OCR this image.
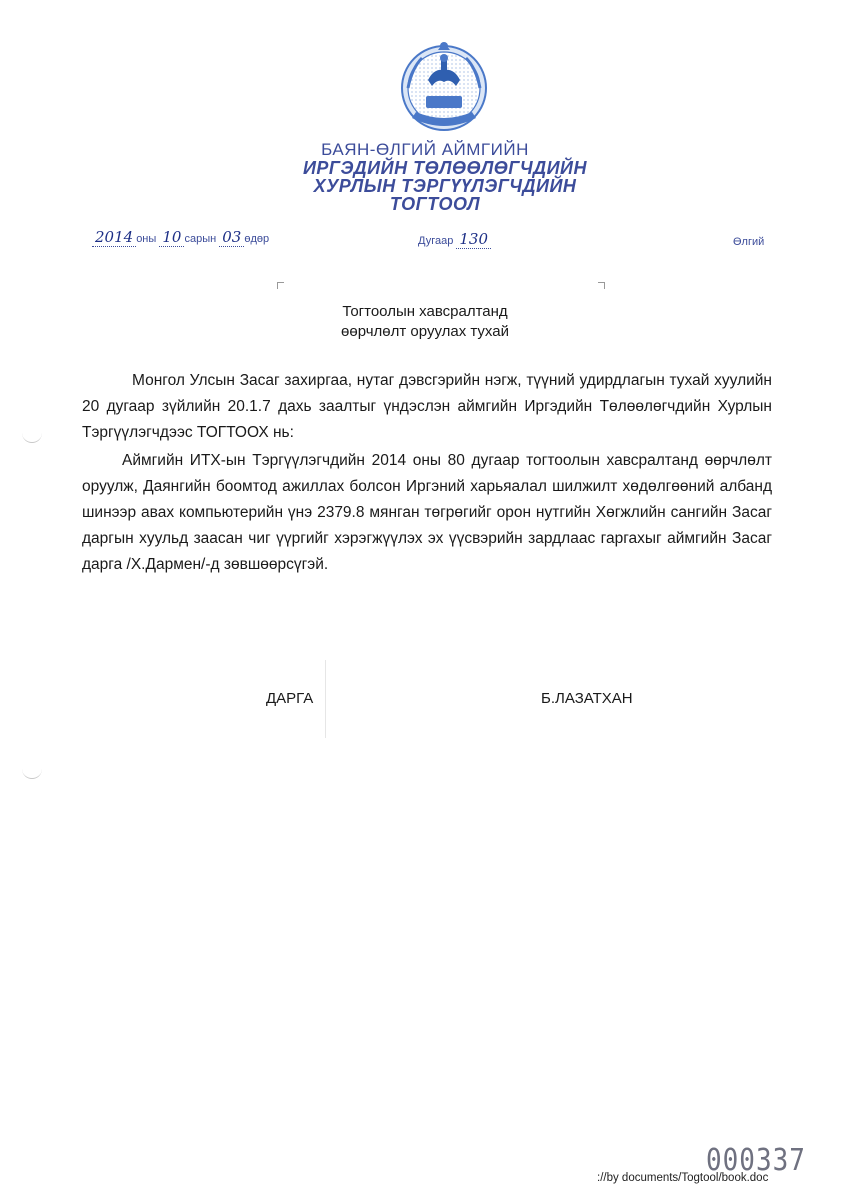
БАЯН-ӨЛГИЙ АЙМГИЙН
ИРГЭДИЙН ТӨЛӨӨЛӨГЧДИЙН
ХУРЛЫН ТЭРГҮҮЛЭГЧДИЙН
ТОГТООЛ
2014 оны 10 сарын 03 өдөр	Дугаар 130	Өлгий
Тогтоолын хавсралтанд
өөрчлөлт оруулах тухай

Монгол Улсын Засаг захиргаа, нутаг дэвсгэрийн нэгж, түүний удирдлагын тухай хуулийн 20 дугаар зүйлийн 20.1.7 дахь заалтыг үндэслэн аймгийн Иргэдийн Төлөөлөгчдийн Хурлын Тэргүүлэгчдээс ТОГТООХ нь:

Аймгийн ИТХ-ын Тэргүүлэгчдийн 2014 оны 80 дугаар тогтоолын хавсралтанд өөрчлөлт оруулж, Даянгийн боомтод ажиллах болсон Иргэний харьяалал шилжилт хөдөлгөөний албанд шинээр авах компьютерийн үнэ 2379.8 мянган төгрөгийг орон нутгийн Хөгжлийн сангийн Засаг даргын хуульд заасан чиг үүргийг хэрэгжүүлэх эх үүсвэрийн зардлаас гаргахыг аймгийн Засаг дарга /Х.Дармен/-д зөвшөөрсүгэй.

ДАРГА	Б.ЛАЗАТХАН
000337
://by documents/Togtool/book.doc
